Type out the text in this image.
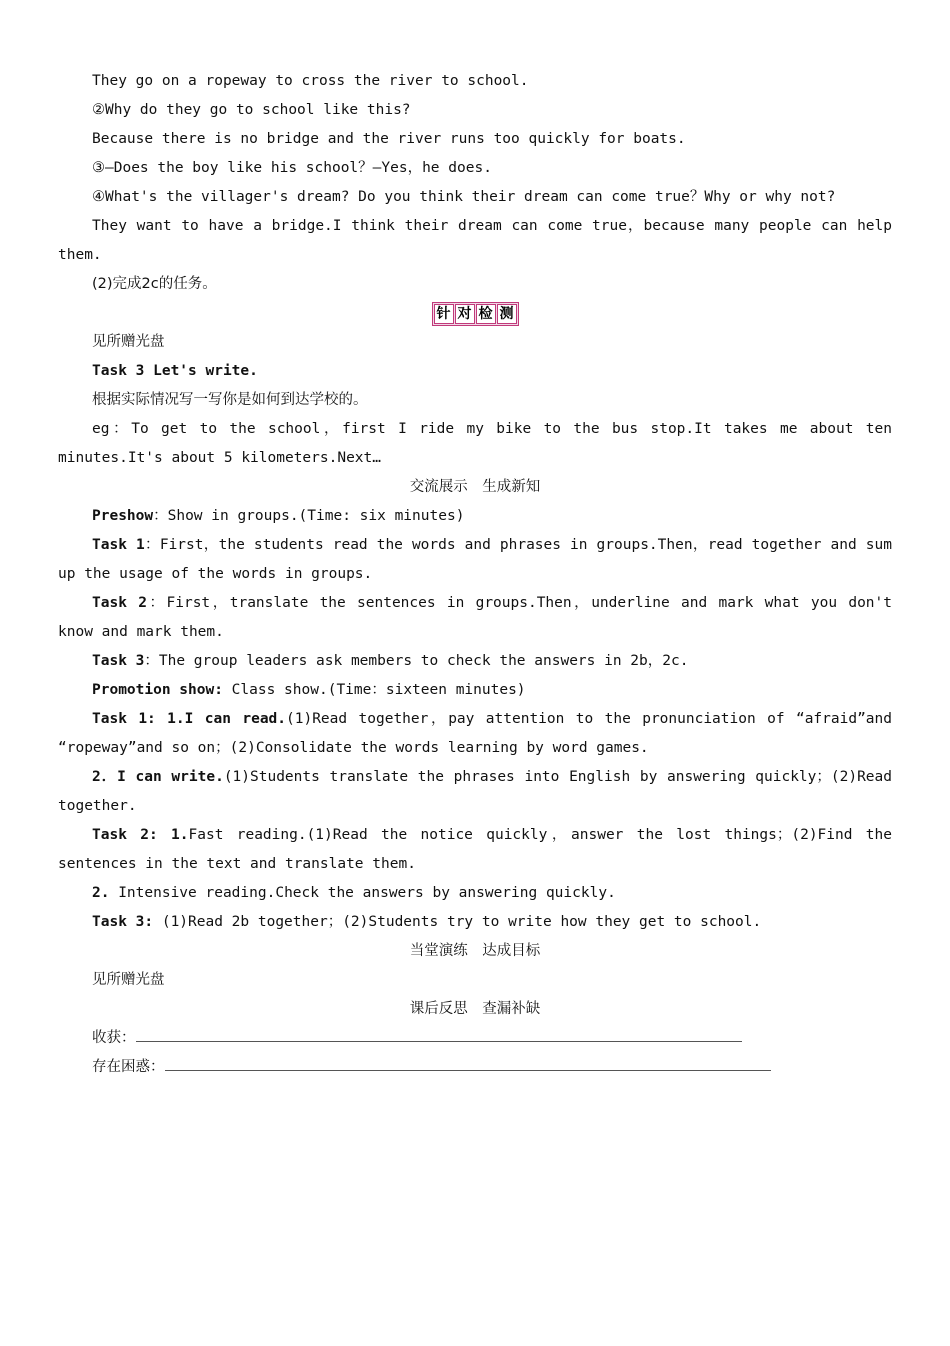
They go on a ropeway to cross the river to school.

②Why do they go to school like this?

Because there is no bridge and the river runs too quickly for boats.

③—Does the boy like his school？—Yes，he does.

④What's the villager's dream? Do you think their dream can come true？Why or why not?

They want to have a bridge.I think their dream can come true，because many people can help them.

(2)完成2c的任务。

针 对 检 测

见所赠光盘

Task 3 Let's write.

根据实际情况写一写你是如何到达学校的。

eg：To get to the school，first I ride my bike to the bus stop.It takes me about ten minutes.It's about 5 kilometers.Next…

交流展示　生成新知

Preshow：Show in groups.(Time: six minutes)

Task 1：First，the students read the words and phrases in groups.Then，read together and sum up the usage of the words in groups.

Task 2：First，translate the sentences in groups.Then，underline and mark what you don't know and mark them.

Task 3：The group leaders ask members to check the answers in 2b，2c.

Promotion show: Class show.(Time：sixteen minutes)

Task 1: 1.I can read.(1)Read together，pay attention to the pronunciation of “afraid”and “ropeway”and so on；(2)Consolidate the words learning by word games.

2．I can write.(1)Students translate the phrases into English by answering quickly；(2)Read together.

Task 2: 1.Fast reading.(1)Read the notice quickly，answer the lost things；(2)Find the sentences in the text and translate them.

2. Intensive reading.Check the answers by answering quickly.

Task 3: (1)Read 2b together；(2)Students try to write how they get to school.

当堂演练　达成目标

见所赠光盘

课后反思　查漏补缺

收获：

存在困惑：
